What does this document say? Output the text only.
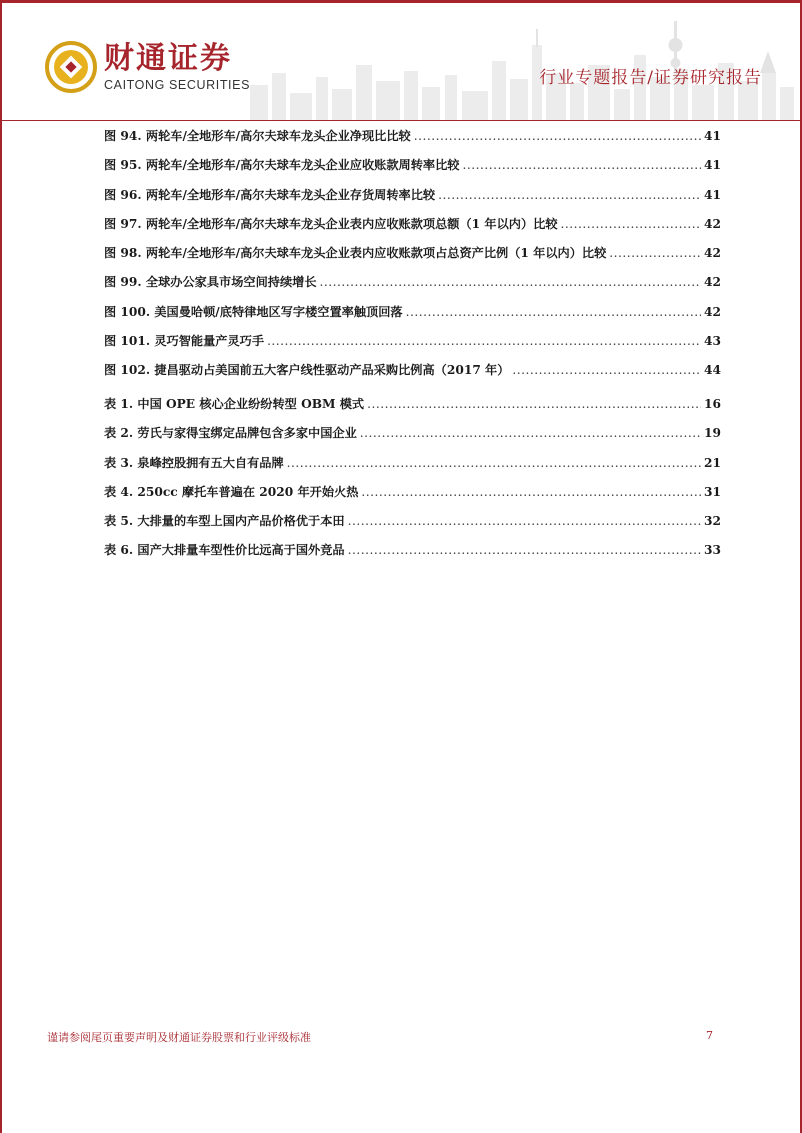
财通证券
CAITONG SECURITIES	行业专题报告/证券研究报告
图 94. 两轮车/全地形车/高尔夫球车龙头企业净现比比较 .....	41
图 95. 两轮车/全地形车/高尔夫球车龙头企业应收账款周转率比较 .....	41
图 96. 两轮车/全地形车/高尔夫球车龙头企业存货周转率比较 .....	41
图 97. 两轮车/全地形车/高尔夫球车龙头企业表内应收账款项总额（1 年以内）比较 .....	42
图 98. 两轮车/全地形车/高尔夫球车龙头企业表内应收账款项占总资产比例（1 年以内）比较 .....	42
图 99. 全球办公家具市场空间持续增长 .....	42
图 100. 美国曼哈顿/底特律地区写字楼空置率触顶回落 .....	42
图 101. 灵巧智能量产灵巧手 .....	43
图 102. 捷昌驱动占美国前五大客户线性驱动产品采购比例高（2017 年） .....	44
表 1. 中国 OPE 核心企业纷纷转型 OBM 模式 .....	16
表 2. 劳氏与家得宝绑定品牌包含多家中国企业 .....	19
表 3. 泉峰控股拥有五大自有品牌 .....	21
表 4. 250cc 摩托车普遍在 2020 年开始火热 .....	31
表 5. 大排量的车型上国内产品价格优于本田 .....	32
表 6. 国产大排量车型性价比远高于国外竞品 .....	33
谨请参阅尾页重要声明及财通证券股票和行业评级标准	7
